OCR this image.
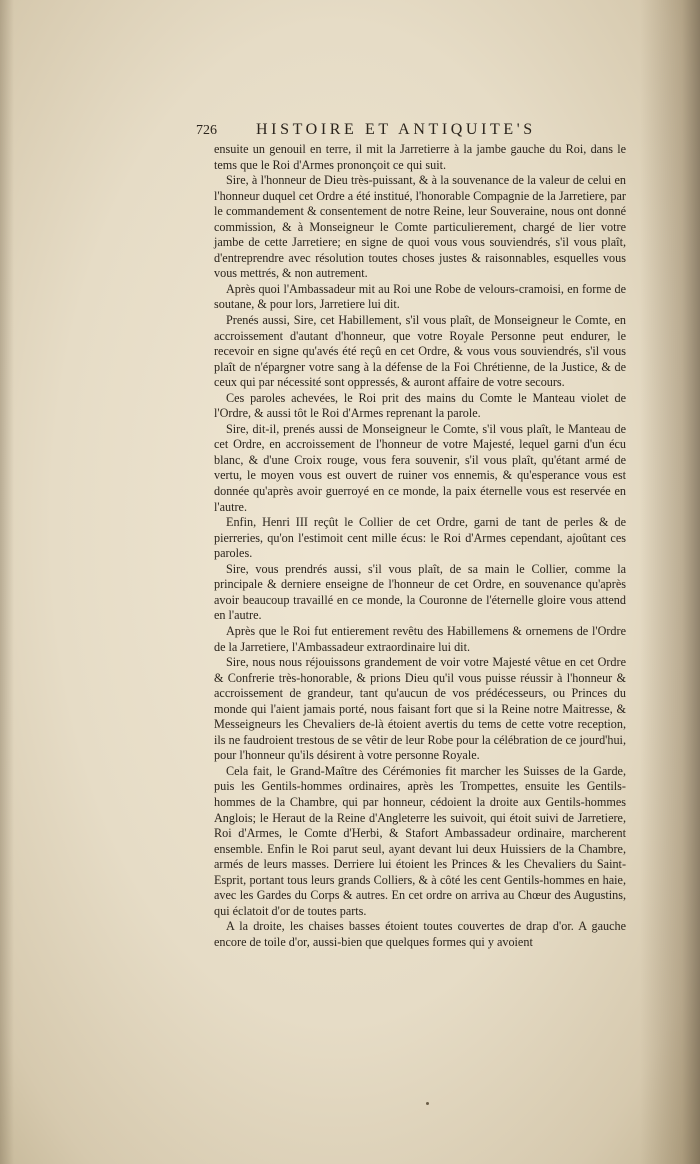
726 HISTOIRE ET ANTIQUITE'S

ensuite un genouil en terre, il mit la Jarretierre à la jambe gauche du Roi, dans le tems que le Roi d'Armes prononçoit ce qui suit.

Sire, à l'honneur de Dieu très-puissant, & à la souvenance de la valeur de celui en l'honneur duquel cet Ordre a été institué, l'honorable Compagnie de la Jarretiere, par le commandement & consentement de notre Reine, leur Souveraine, nous ont donné commission, & à Monseigneur le Comte particulierement, chargé de lier votre jambe de cette Jarretiere; en signe de quoi vous vous souviendrés, s'il vous plaît, d'entreprendre avec résolution toutes choses justes & raisonnables, esquelles vous vous mettrés, & non autrement.

Après quoi l'Ambassadeur mit au Roi une Robe de velours-cramoisi, en forme de soutane, & pour lors, Jarretiere lui dit.

Prenés aussi, Sire, cet Habillement, s'il vous plaît, de Monseigneur le Comte, en accroissement d'autant d'honneur, que votre Royale Personne peut endurer, le recevoir en signe qu'avés été reçû en cet Ordre, & vous vous souviendrés, s'il vous plaît de n'épargner votre sang à la défense de la Foi Chrétienne, de la Justice, & de ceux qui par nécessité sont oppressés, & auront affaire de votre secours.

Ces paroles achevées, le Roi prit des mains du Comte le Manteau violet de l'Ordre, & aussi tôt le Roi d'Armes reprenant la parole.

Sire, dit-il, prenés aussi de Monseigneur le Comte, s'il vous plaît, le Manteau de cet Ordre, en accroissement de l'honneur de votre Majesté, lequel garni d'un écu blanc, & d'une Croix rouge, vous fera souvenir, s'il vous plaît, qu'étant armé de vertu, le moyen vous est ouvert de ruiner vos ennemis, & qu'esperance vous est donnée qu'après avoir guerroyé en ce monde, la paix éternelle vous est reservée en l'autre.

Enfin, Henri III reçût le Collier de cet Ordre, garni de tant de perles & de pierreries, qu'on l'estimoit cent mille écus: le Roi d'Armes cependant, ajoûtant ces paroles.

Sire, vous prendrés aussi, s'il vous plaît, de sa main le Collier, comme la principale & derniere enseigne de l'honneur de cet Ordre, en souvenance qu'après avoir beaucoup travaillé en ce monde, la Couronne de l'éternelle gloire vous attend en l'autre.

Après que le Roi fut entierement revêtu des Habillemens & ornemens de l'Ordre de la Jarretiere, l'Ambassadeur extraordinaire lui dit.

Sire, nous nous réjouissons grandement de voir votre Majesté vêtue en cet Ordre & Confrerie très-honorable, & prions Dieu qu'il vous puisse réussir à l'honneur & accroissement de grandeur, tant qu'aucun de vos prédécesseurs, ou Princes du monde qui l'aient jamais porté, nous faisant fort que si la Reine notre Maitresse, & Messeigneurs les Chevaliers de-là étoient avertis du tems de cette votre reception, ils ne faudroient trestous de se vêtir de leur Robe pour la célébration de ce jourd'hui, pour l'honneur qu'ils désirent à votre personne Royale.

Cela fait, le Grand-Maître des Cérémonies fit marcher les Suisses de la Garde, puis les Gentils-hommes ordinaires, après les Trompettes, ensuite les Gentils-hommes de la Chambre, qui par honneur, cédoient la droite aux Gentils-hommes Anglois; le Heraut de la Reine d'Angleterre les suivoit, qui étoit suivi de Jarretiere, Roi d'Armes, le Comte d'Herbi, & Stafort Ambassadeur ordinaire, marcherent ensemble. Enfin le Roi parut seul, ayant devant lui deux Huissiers de la Chambre, armés de leurs masses. Derriere lui étoient les Princes & les Chevaliers du Saint-Esprit, portant tous leurs grands Colliers, & à côté les cent Gentils-hommes en haie, avec les Gardes du Corps & autres. En cet ordre on arriva au Chœur des Augustins, qui éclatoit d'or de toutes parts.

A la droite, les chaises basses étoient toutes couvertes de drap d'or. A gauche encore de toile d'or, aussi-bien que quelques formes qui y avoient
